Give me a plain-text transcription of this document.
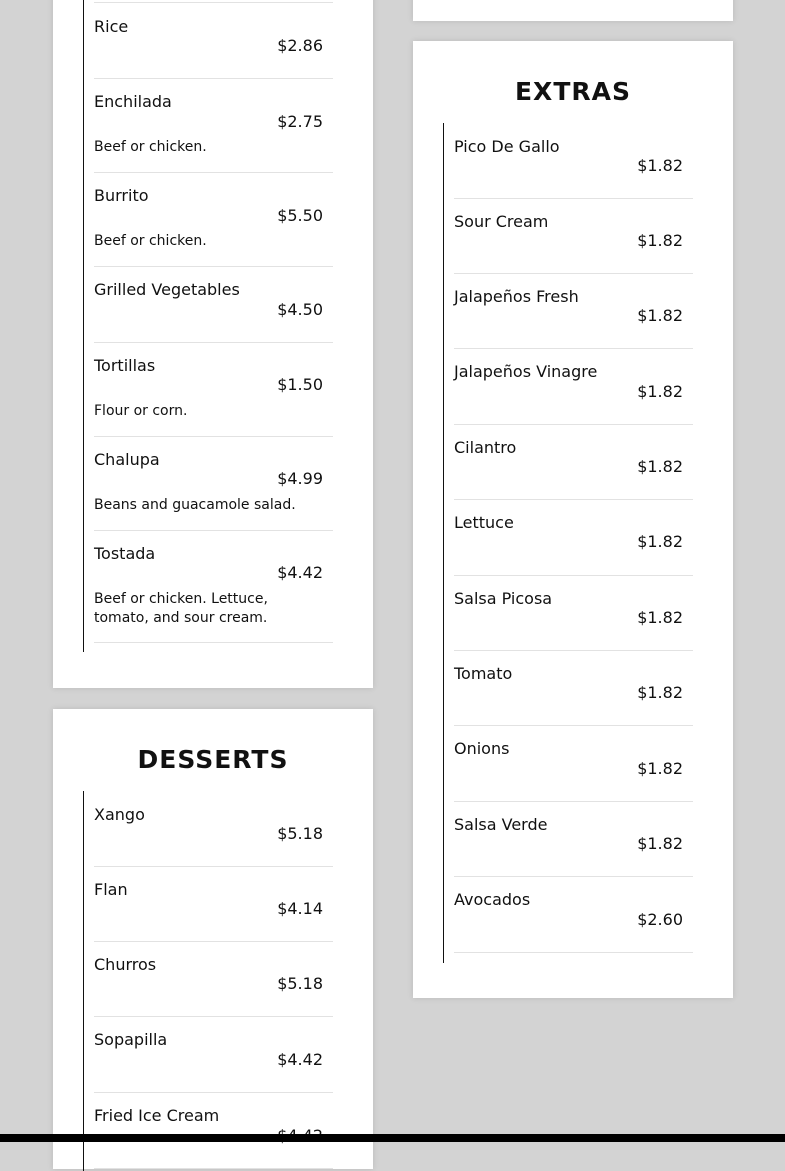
Rice
$2.86
Enchilada
$2.75
Beef or chicken.
Burrito
$5.50
Beef or chicken.
Grilled Vegetables
$4.50
Tortillas
$1.50
Flour or corn.
Chalupa
$4.99
Beans and guacamole salad.
Tostada
$4.42
Beef or chicken. Lettuce, tomato, and sour cream.
DESSERTS
Xango
$5.18
Flan
$4.14
Churros
$5.18
Sopapilla
$4.42
Fried Ice Cream
EXTRAS
Pico De Gallo
$1.82
Sour Cream
$1.82
Jalapeños Fresh
$1.82
Jalapeños Vinagre
$1.82
Cilantro
$1.82
Lettuce
$1.82
Salsa Picosa
$1.82
Tomato
$1.82
Onions
$1.82
Salsa Verde
$1.82
Avocados
$2.60
